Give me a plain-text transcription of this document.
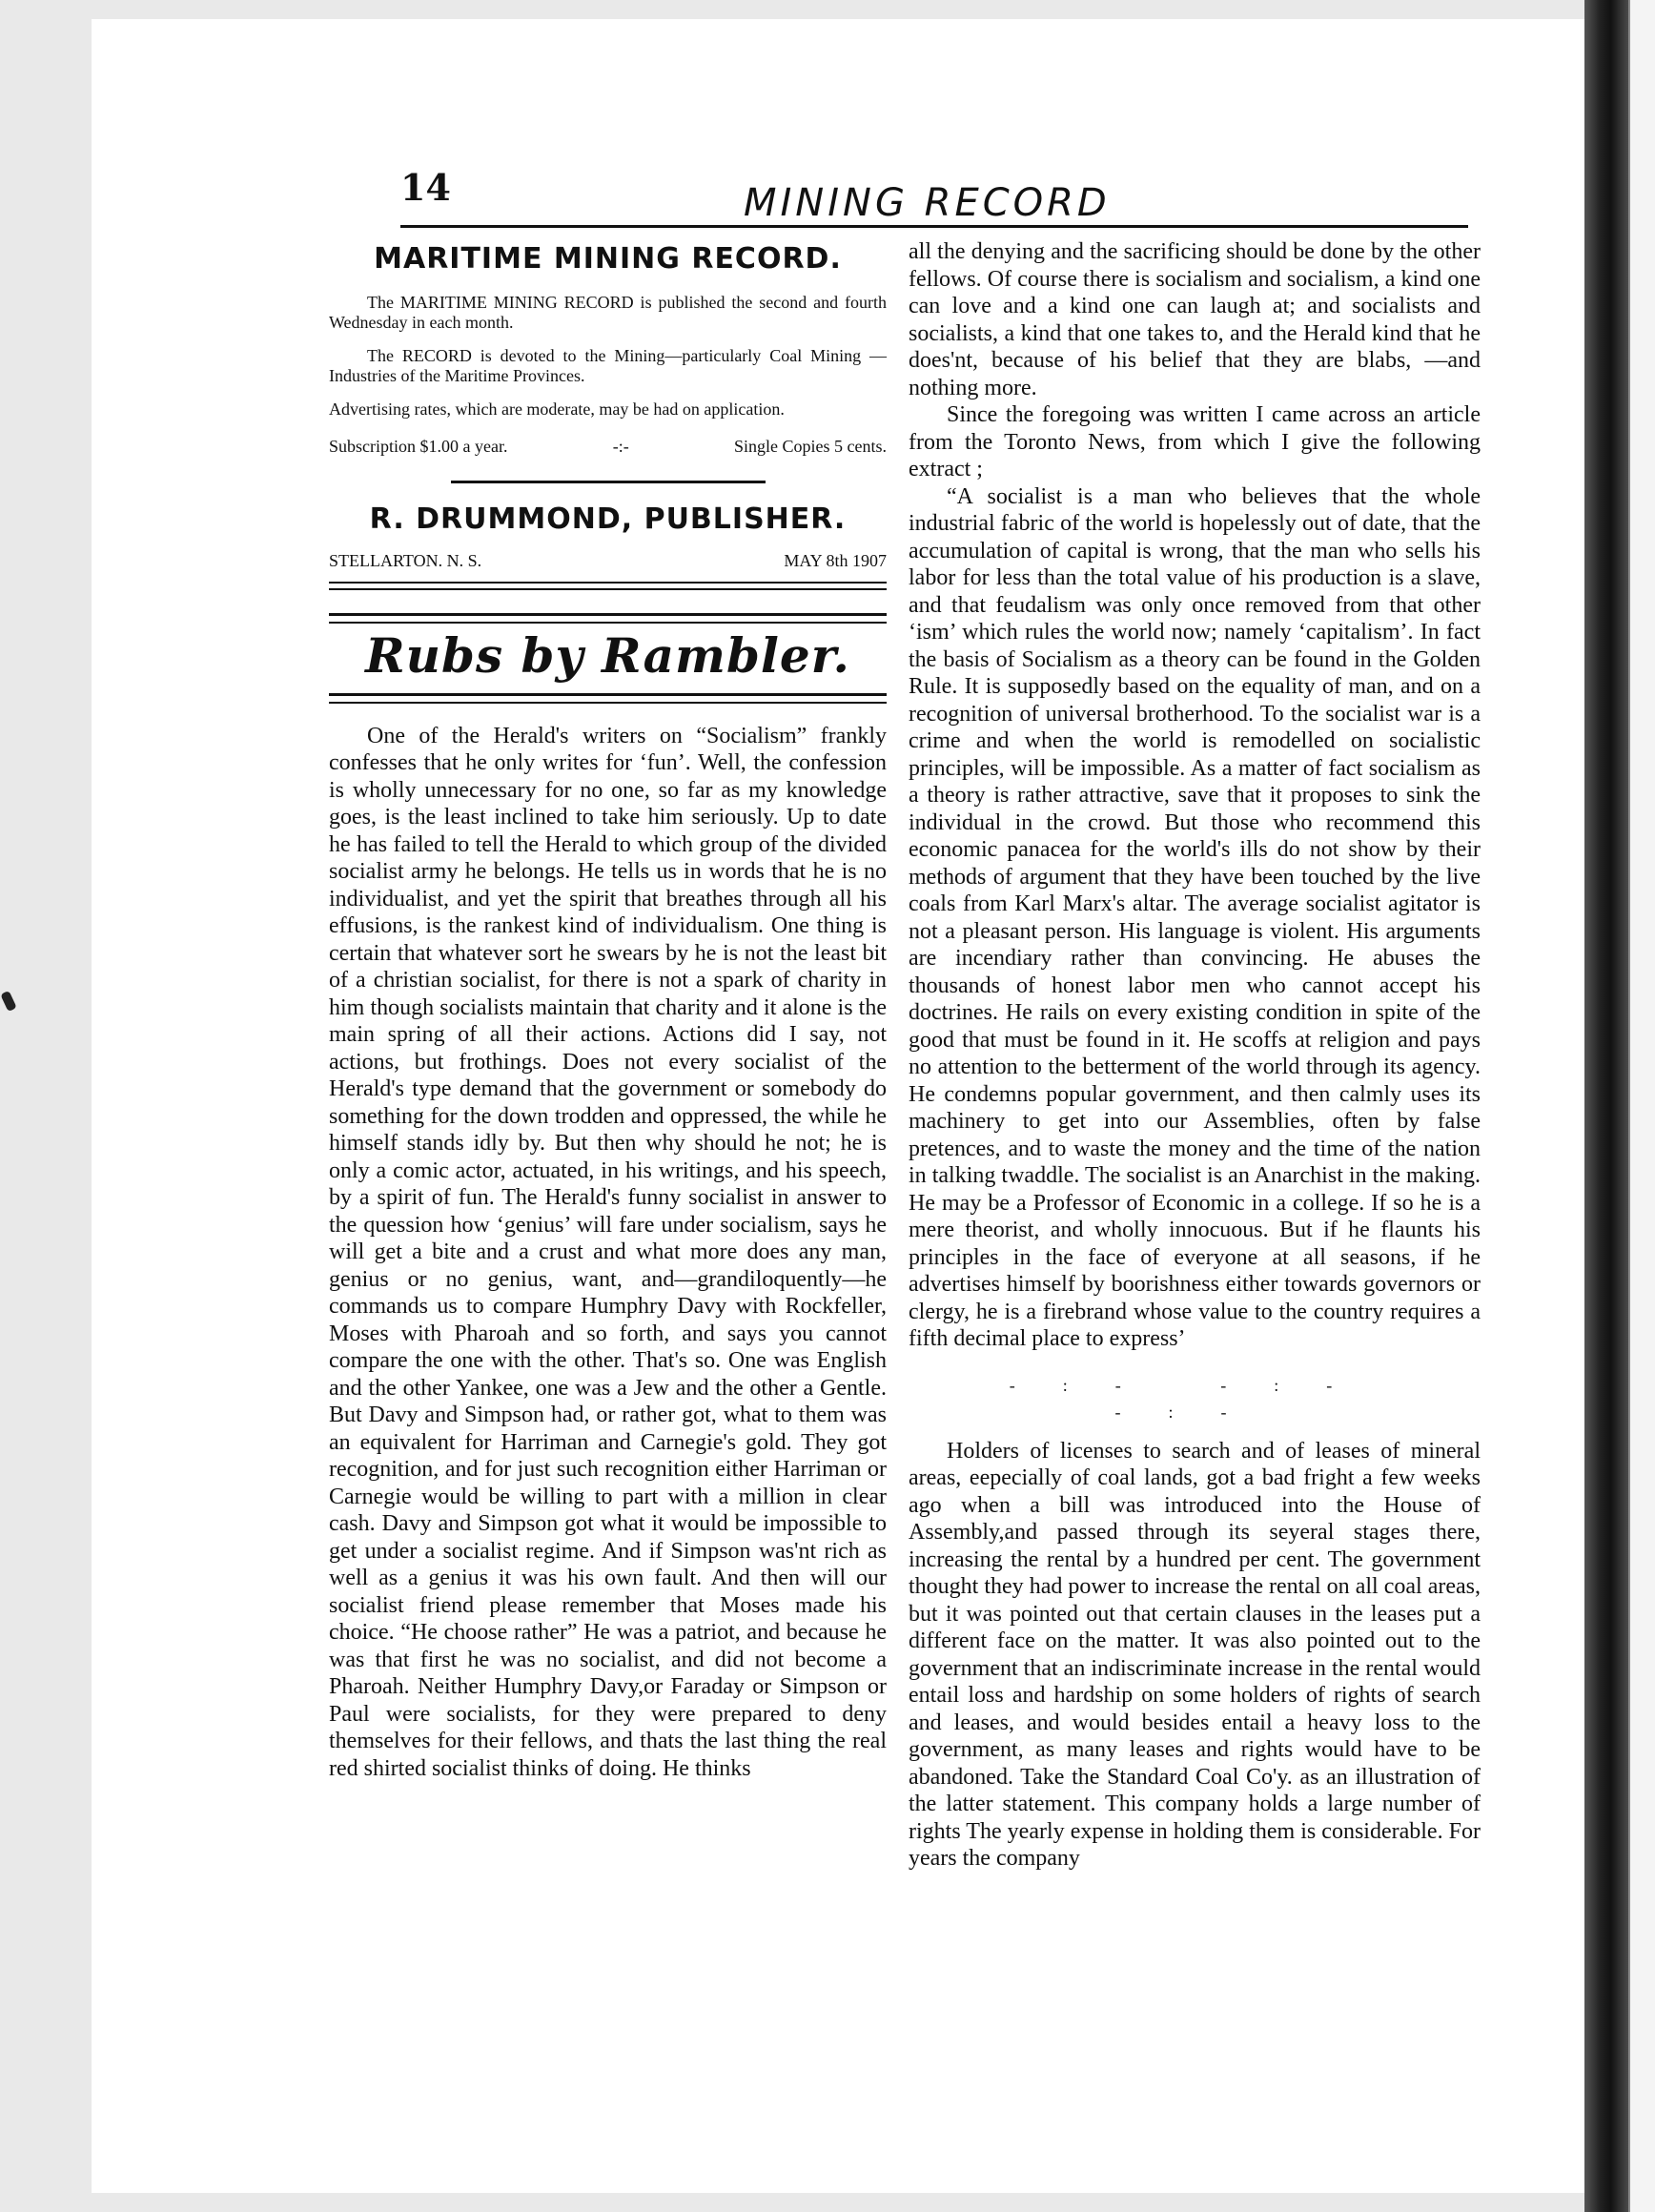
14	MINING RECORD
MARITIME MINING RECORD.

The MARITIME MINING RECORD is published the second and fourth Wednesday in each month.

The RECORD is devoted to the Mining—particularly Coal Mining —Industries of the Maritime Provinces.

Advertising rates, which are moderate, may be had on application.

Subscription $1.00 a year.	-:-	Single Copies 5 cents.
R. DRUMMOND, PUBLISHER.
STELLARTON. N. S.	MAY 8th 1907
Rubs by Rambler.

One of the Herald's writers on “Socialism” frankly confesses that he only writes for ‘fun’. Well, the confession is wholly unnecessary for no one, so far as my knowledge goes, is the least inclined to take him seriously. Up to date he has failed to tell the Herald to which group of the divided socialist army he belongs. He tells us in words that he is no individualist, and yet the spirit that breathes through all his effusions, is the rankest kind of individualism. One thing is certain that whatever sort he swears by he is not the least bit of a christian socialist, for there is not a spark of charity in him though socialists maintain that charity and it alone is the main spring of all their actions. Actions did I say, not actions, but frothings. Does not every socialist of the Herald's type demand that the government or somebody do something for the down trodden and oppressed, the while he himself stands idly by. But then why should he not; he is only a comic actor, actuated, in his writings, and his speech, by a spirit of fun. The Herald's funny socialist in answer to the quession how ‘genius’ will fare under socialism, says he will get a bite and a crust and what more does any man, genius or no genius, want, and—grandiloquently—he commands us to compare Humphry Davy with Rockfeller, Moses with Pharoah and so forth, and says you cannot compare the one with the other. That's so. One was English and the other Yankee, one was a Jew and the other a Gentle. But Davy and Simpson had, or rather got, what to them was an equivalent for Harriman and Carnegie's gold. They got recognition, and for just such recognition either Harriman or Carnegie would be willing to part with a million in clear cash. Davy and Simpson got what it would be impossible to get under a socialist regime. And if Simpson was'nt rich as well as a genius it was his own fault. And then will our socialist friend please remember that Moses made his choice. “He choose rather” He was a patriot, and because he was that first he was no socialist, and did not become a Pharoah. Neither Humphry Davy,or Faraday or Simpson or Paul were socialists, for they were prepared to deny themselves for their fellows, and thats the last thing the real red shirted socialist thinks of doing. He thinks

all the denying and the sacrificing should be done by the other fellows. Of course there is socialism and socialism, a kind one can love and a kind one can laugh at; and socialists and socialists, a kind that one takes to, and the Herald kind that he does'nt, because of his belief that they are blabs, —and nothing more.

Since the foregoing was written I came across an article from the Toronto News, from which I give the following extract ;

“A socialist is a man who believes that the whole industrial fabric of the world is hopelessly out of date, that the accumulation of capital is wrong, that the man who sells his labor for less than the total value of his production is a slave, and that feudalism was only once removed from that other ‘ism’ which rules the world now; namely ‘capitalism’. In fact the basis of Socialism as a theory can be found in the Golden Rule. It is supposedly based on the equality of man, and on a recognition of universal brotherhood. To the socialist war is a crime and when the world is remodelled on socialistic principles, will be impossible. As a matter of fact socialism as a theory is rather attractive, save that it proposes to sink the individual in the crowd. But those who recommend this economic panacea for the world's ills do not show by their methods of argument that they have been touched by the live coals from Karl Marx's altar. The average socialist agitator is not a pleasant person. His language is violent. His arguments are incendiary rather than convincing. He abuses the thousands of honest labor men who cannot accept his doctrines. He rails on every existing condition in spite of the good that must be found in it. He scoffs at religion and pays no attention to the betterment of the world through its agency. He condemns popular government, and then calmly uses its machinery to get into our Assemblies, often by false pretences, and to waste the money and the time of the nation in talking twaddle. The socialist is an Anarchist in the making. He may be a Professor of Economic in a college. If so he is a mere theorist, and wholly innocuous. But if he flaunts his principles in the face of everyone at all seasons, if he advertises himself by boorishness either towards governors or clergy, he is a firebrand whose value to the country requires a fifth decimal place to express’

-:- -:- -:-

Holders of licenses to search and of leases of mineral areas, eepecially of coal lands, got a bad fright a few weeks ago when a bill was introduced into the House of Assembly,and passed through its seyeral stages there, increasing the rental by a hundred per cent. The government thought they had power to increase the rental on all coal areas, but it was pointed out that certain clauses in the leases put a different face on the matter. It was also pointed out to the government that an indiscriminate increase in the rental would entail loss and hardship on some holders of rights of search and leases, and would besides entail a heavy loss to the government, as many leases and rights would have to be abandoned. Take the Standard Coal Co'y. as an illustration of the latter statement. This company holds a large number of rights The yearly expense in holding them is considerable. For years the company
